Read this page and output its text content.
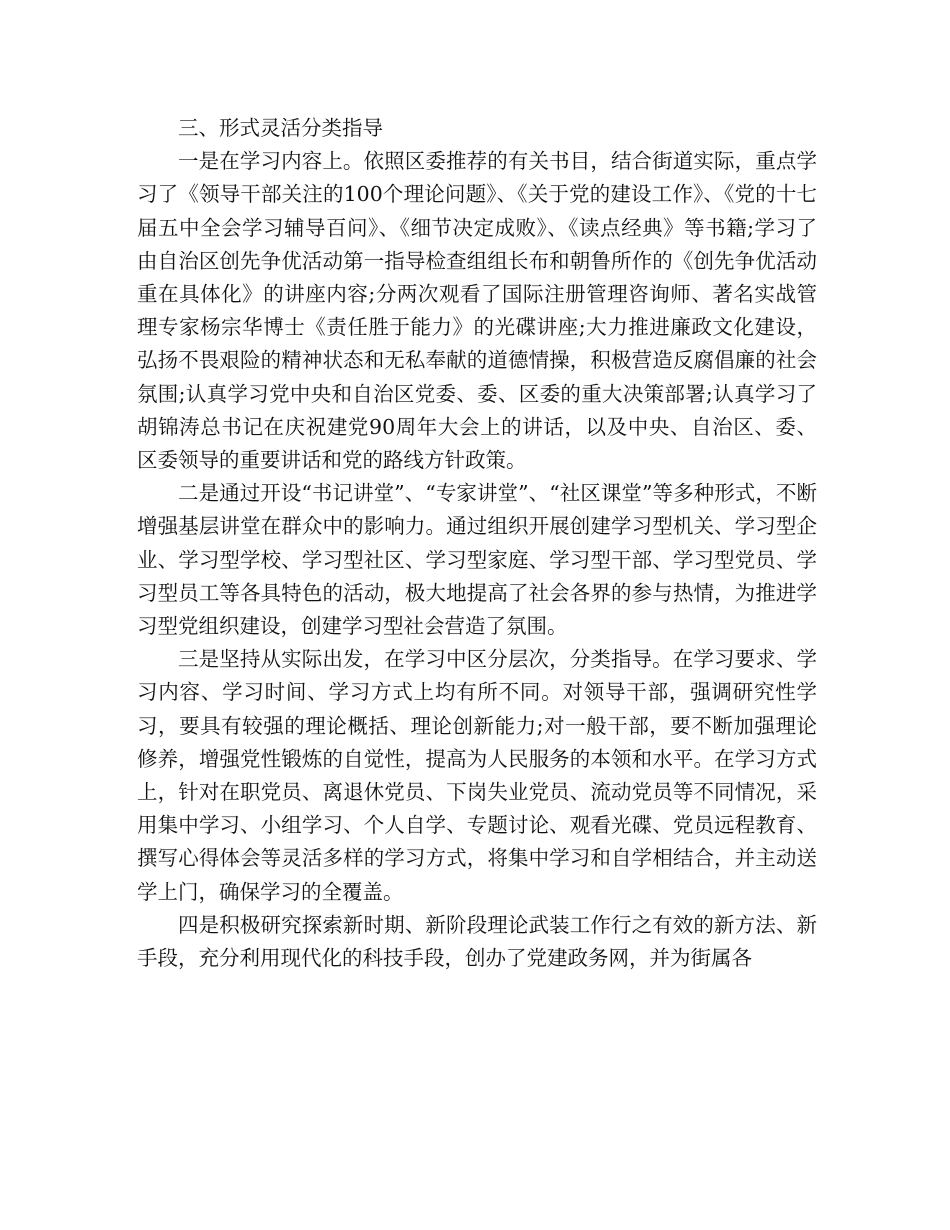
三、形式灵活分类指导

一是在学习内容上。依照区委推荐的有关书目，结合街道实际，重点学习了《领导干部关注的100个理论问题》、《关于党的建设工作》、《党的十七届五中全会学习辅导百问》、《细节决定成败》、《读点经典》等书籍;学习了由自治区创先争优活动第一指导检查组组长布和朝鲁所作的《创先争优活动重在具体化》的讲座内容;分两次观看了国际注册管理咨询师、著名实战管理专家杨宗华博士《责任胜于能力》的光碟讲座;大力推进廉政文化建设，弘扬不畏艰险的精神状态和无私奉献的道德情操，积极营造反腐倡廉的社会氛围;认真学习党中央和自治区党委、委、区委的重大决策部署;认真学习了胡锦涛总书记在庆祝建党90周年大会上的讲话，以及中央、自治区、委、区委领导的重要讲话和党的路线方针政策。

二是通过开设“书记讲堂”、“专家讲堂”、“社区课堂”等多种形式，不断增强基层讲堂在群众中的影响力。通过组织开展创建学习型机关、学习型企业、学习型学校、学习型社区、学习型家庭、学习型干部、学习型党员、学习型员工等各具特色的活动，极大地提高了社会各界的参与热情，为推进学习型党组织建设，创建学习型社会营造了氛围。

三是坚持从实际出发，在学习中区分层次，分类指导。在学习要求、学习内容、学习时间、学习方式上均有所不同。对领导干部，强调研究性学习，要具有较强的理论概括、理论创新能力;对一般干部，要不断加强理论修养，增强党性锻炼的自觉性，提高为人民服务的本领和水平。在学习方式上，针对在职党员、离退休党员、下岗失业党员、流动党员等不同情况，采用集中学习、小组学习、个人自学、专题讨论、观看光碟、党员远程教育、撰写心得体会等灵活多样的学习方式，将集中学习和自学相结合，并主动送学上门，确保学习的全覆盖。

四是积极研究探索新时期、新阶段理论武装工作行之有效的新方法、新手段，充分利用现代化的科技手段，创办了党建政务网，并为街属各
